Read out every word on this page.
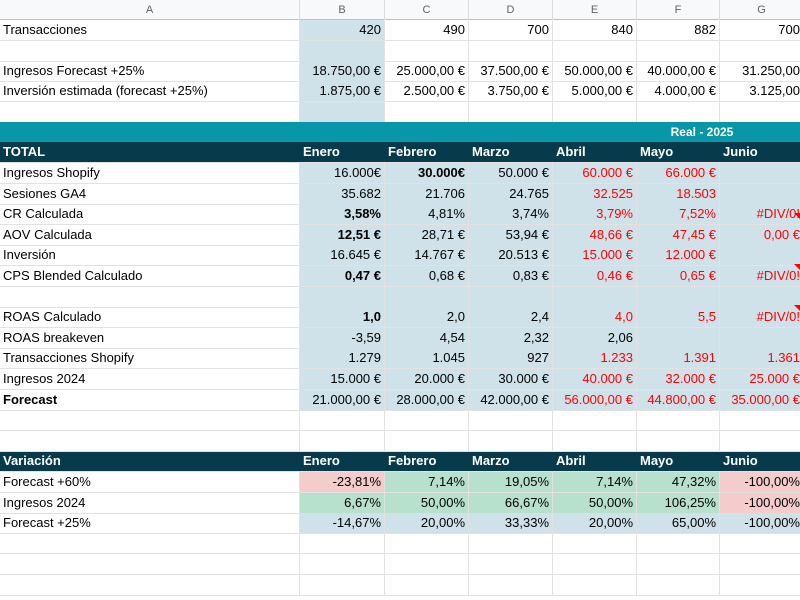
A	B	C	D	E	F	G
Transacciones	420	490	700	840	882	700
Ingresos Forecast +25%	18.750,00 €	25.000,00 €	37.500,00 €	50.000,00 €	40.000,00 €	31.250,00
Inversión estimada (forecast +25%)	1.875,00 €	2.500,00 €	3.750,00 €	5.000,00 €	4.000,00 €	3.125,00
Real - 2025
TOTAL	Enero	Febrero	Marzo	Abril	Mayo	Junio
Ingresos Shopify	16.000€	30.000€	50.000 €	60.000 €	66.000 €
Sesiones GA4	35.682	21.706	24.765	32.525	18.503
CR Calculada	3,58%	4,81%	3,74%	3,79%	7,52%	#DIV/0!
AOV Calculada	12,51 €	28,71 €	53,94 €	48,66 €	47,45 €	0,00 €
Inversión	16.645 €	14.767 €	20.513 €	15.000 €	12.000 €
CPS Blended Calculado	0,47 €	0,68 €	0,83 €	0,46 €	0,65 €	#DIV/0!
ROAS Calculado	1,0	2,0	2,4	4,0	5,5	#DIV/0!
ROAS breakeven	-3,59	4,54	2,32	2,06
Transacciones Shopify	1.279	1.045	927	1.233	1.391	1.361
Ingresos 2024	15.000 €	20.000 €	30.000 €	40.000 €	32.000 €	25.000 €
Forecast	21.000,00 €	28.000,00 €	42.000,00 €	56.000,00 €	44.800,00 €	35.000,00 €
Variación	Enero	Febrero	Marzo	Abril	Mayo	Junio
Forecast +60%	-23,81%	7,14%	19,05%	7,14%	47,32%	-100,00%
Ingresos 2024	6,67%	50,00%	66,67%	50,00%	106,25%	-100,00%
Forecast +25%	-14,67%	20,00%	33,33%	20,00%	65,00%	-100,00%
